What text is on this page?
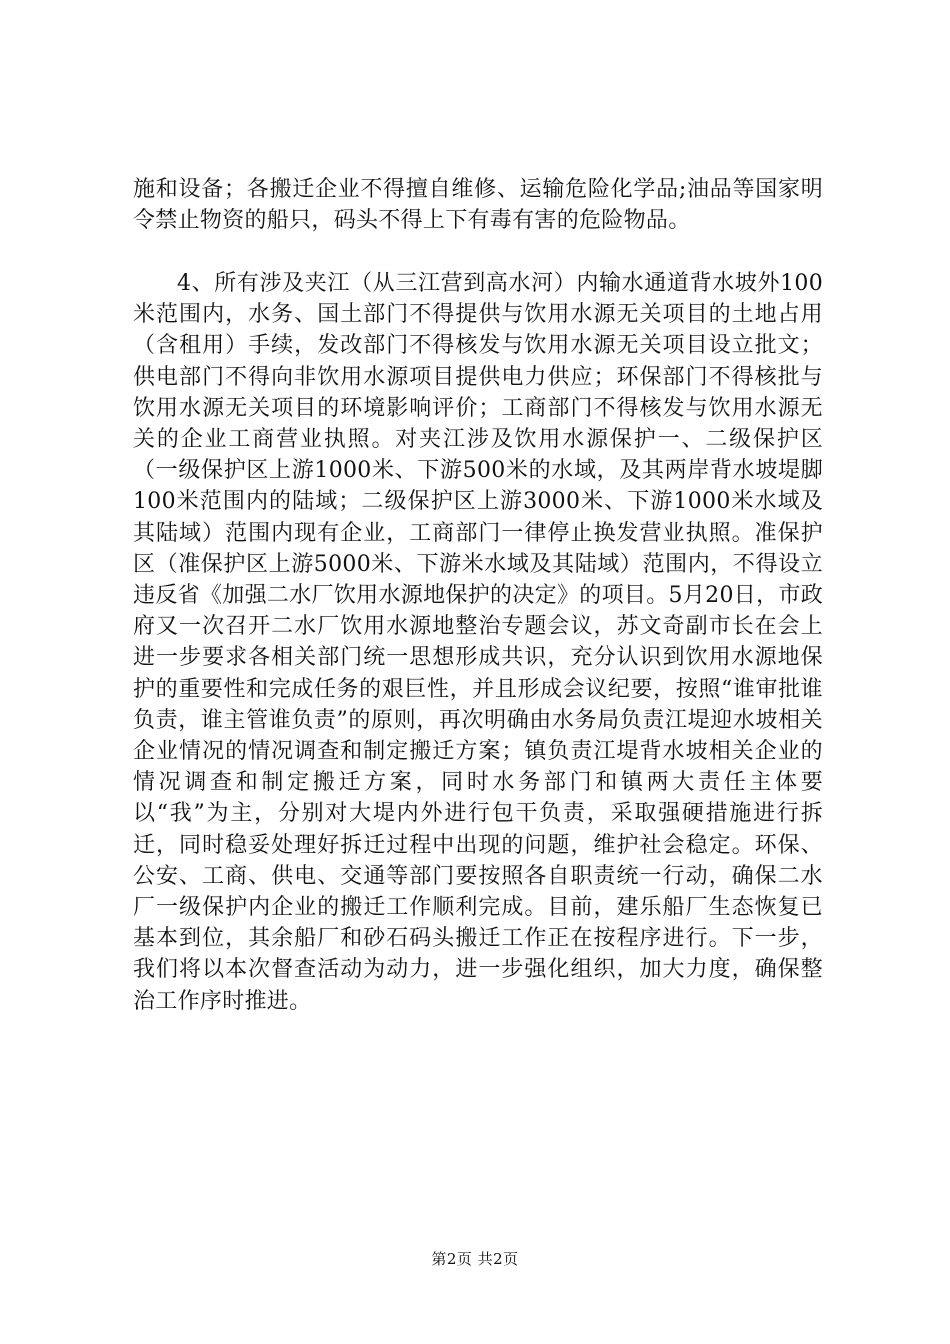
施和设备；各搬迁企业不得擅自维修、运输危险化学品;油品等国家明令禁止物资的船只，码头不得上下有毒有害的危险物品。
4、所有涉及夹江（从三江营到高水河）内输水通道背水坡外100米范围内，水务、国土部门不得提供与饮用水源无关项目的土地占用（含租用）手续，发改部门不得核发与饮用水源无关项目设立批文；供电部门不得向非饮用水源项目提供电力供应；环保部门不得核批与饮用水源无关项目的环境影响评价；工商部门不得核发与饮用水源无关的企业工商营业执照。对夹江涉及饮用水源保护一、二级保护区（一级保护区上游1000米、下游500米的水域，及其两岸背水坡堤脚100米范围内的陆域；二级保护区上游3000米、下游1000米水域及其陆域）范围内现有企业，工商部门一律停止换发营业执照。准保护区（准保护区上游5000米、下游米水域及其陆域）范围内，不得设立违反省《加强二水厂饮用水源地保护的决定》的项目。5月20日，市政府又一次召开二水厂饮用水源地整治专题会议，苏文奇副市长在会上进一步要求各相关部门统一思想形成共识，充分认识到饮用水源地保护的重要性和完成任务的艰巨性，并且形成会议纪要，按照“谁审批谁负责，谁主管谁负责”的原则，再次明确由水务局负责江堤迎水坡相关企业情况的情况调查和制定搬迁方案；镇负责江堤背水坡相关企业的情况调查和制定搬迁方案，同时水务部门和镇两大责任主体要以“我”为主，分别对大堤内外进行包干负责，采取强硬措施进行拆迁，同时稳妥处理好拆迁过程中出现的问题，维护社会稳定。环保、公安、工商、供电、交通等部门要按照各自职责统一行动，确保二水厂一级保护内企业的搬迁工作顺利完成。目前，建乐船厂生态恢复已基本到位，其余船厂和砂石码头搬迁工作正在按程序进行。下一步，我们将以本次督查活动为动力，进一步强化组织，加大力度，确保整治工作序时推进。
第2页 共2页
